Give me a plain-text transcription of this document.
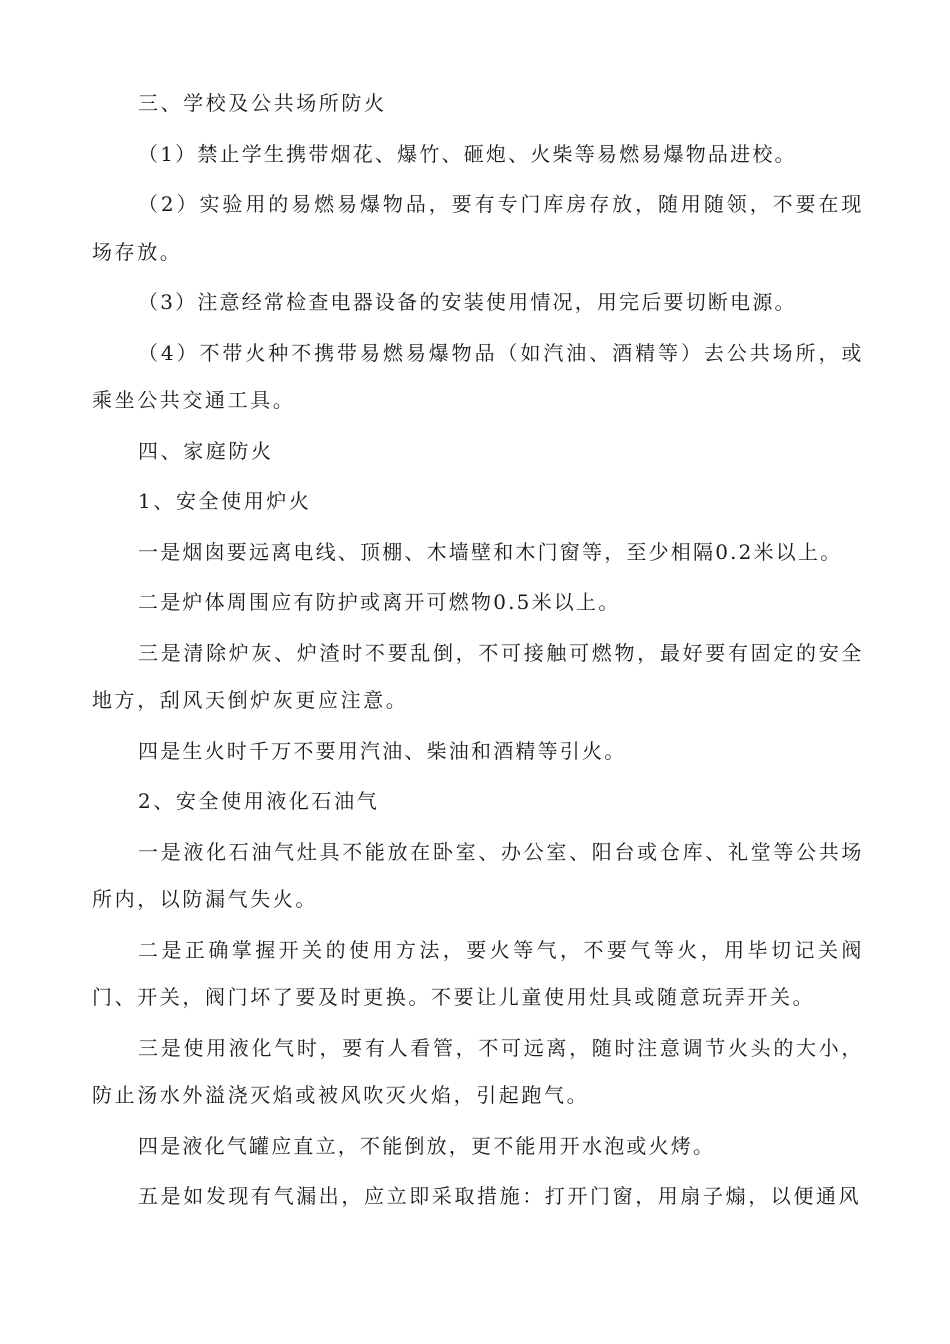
三、学校及公共场所防火

（1）禁止学生携带烟花、爆竹、砸炮、火柴等易燃易爆物品进校。

（2）实验用的易燃易爆物品，要有专门库房存放，随用随领，不要在现场存放。

（3）注意经常检查电器设备的安装使用情况，用完后要切断电源。

（4）不带火种不携带易燃易爆物品（如汽油、酒精等）去公共场所，或乘坐公共交通工具。

四、家庭防火

1、安全使用炉火

一是烟囱要远离电线、顶棚、木墙壁和木门窗等，至少相隔0.2米以上。

二是炉体周围应有防护或离开可燃物0.5米以上。

三是清除炉灰、炉渣时不要乱倒，不可接触可燃物，最好要有固定的安全地方，刮风天倒炉灰更应注意。

四是生火时千万不要用汽油、柴油和酒精等引火。

2、安全使用液化石油气

一是液化石油气灶具不能放在卧室、办公室、阳台或仓库、礼堂等公共场所内，以防漏气失火。

二是正确掌握开关的使用方法，要火等气，不要气等火，用毕切记关阀门、开关，阀门坏了要及时更换。不要让儿童使用灶具或随意玩弄开关。

三是使用液化气时，要有人看管，不可远离，随时注意调节火头的大小，防止汤水外溢浇灭焰或被风吹灭火焰，引起跑气。

四是液化气罐应直立，不能倒放，更不能用开水泡或火烤。

五是如发现有气漏出，应立即采取措施：打开门窗，用扇子煽，以便通风
